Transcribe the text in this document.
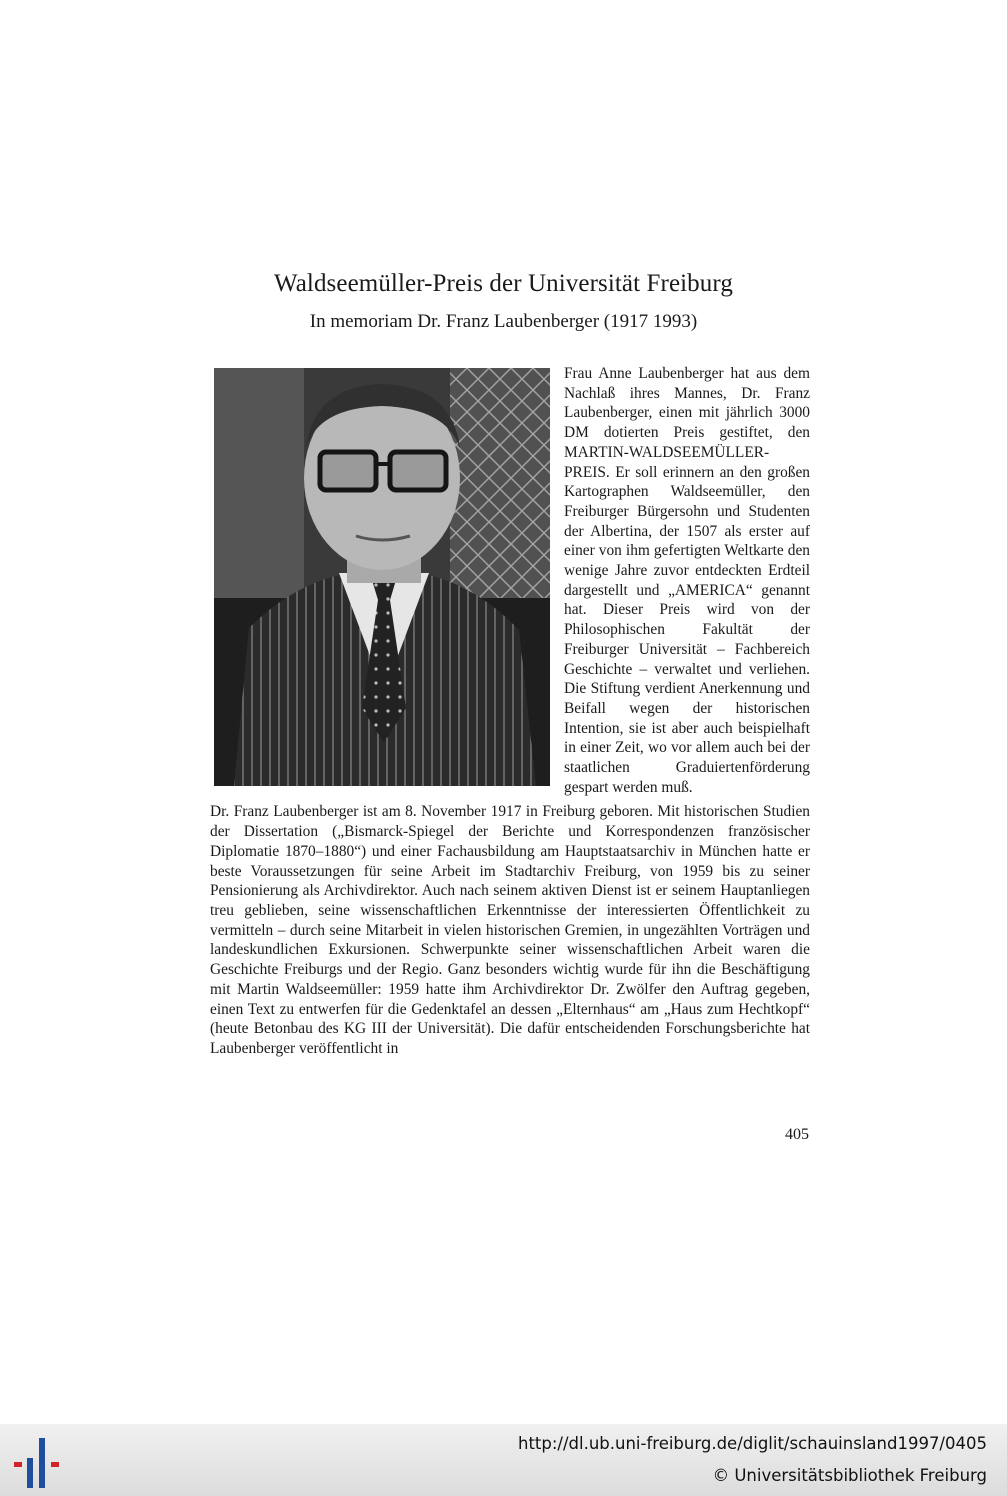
Waldseemüller-Preis der Universität Freiburg
In memoriam Dr. Franz Laubenberger (1917 1993)

Frau Anne Laubenberger hat aus dem Nachlaß ihres Mannes, Dr. Franz Laubenberger, einen mit jährlich 3000 DM dotierten Preis gestiftet, den MARTIN-WALDSEEMÜLLER-PREIS. Er soll erinnern an den großen Kartographen Waldseemüller, den Freiburger Bürgersohn und Studenten der Albertina, der 1507 als erster auf einer von ihm gefertigten Weltkarte den wenige Jahre zuvor entdeckten Erdteil dargestellt und „AMERICA“ genannt hat. Dieser Preis wird von der Philosophischen Fakultät der Freiburger Universität – Fachbereich Geschichte – verwaltet und verliehen. Die Stiftung verdient Anerkennung und Beifall wegen der historischen Intention, sie ist aber auch beispielhaft in einer Zeit, wo vor allem auch bei der staatlichen Graduiertenförderung gespart werden muß.

Dr. Franz Laubenberger ist am 8. November 1917 in Freiburg geboren. Mit historischen Studien der Dissertation („Bismarck-Spiegel der Berichte und Korrespondenzen französischer Diplomatie 1870–1880“) und einer Fachausbildung am Hauptstaatsarchiv in München hatte er beste Voraussetzungen für seine Arbeit im Stadtarchiv Freiburg, von 1959 bis zu seiner Pensionierung als Archivdirektor. Auch nach seinem aktiven Dienst ist er seinem Hauptanliegen treu geblieben, seine wissenschaftlichen Erkenntnisse der interessierten Öffentlichkeit zu vermitteln – durch seine Mitarbeit in vielen historischen Gremien, in ungezählten Vorträgen und landeskundlichen Exkursionen. Schwerpunkte seiner wissenschaftlichen Arbeit waren die Geschichte Freiburgs und der Regio. Ganz besonders wichtig wurde für ihn die Beschäftigung mit Martin Waldseemüller: 1959 hatte ihm Archivdirektor Dr. Zwölfer den Auftrag gegeben, einen Text zu entwerfen für die Gedenktafel an dessen „Elternhaus“ am „Haus zum Hechtkopf“ (heute Betonbau des KG III der Universität). Die dafür entscheidenden Forschungsberichte hat Laubenberger veröffentlicht in

405
http://dl.ub.uni-freiburg.de/diglit/schauinsland1997/0405
© Universitätsbibliothek Freiburg
